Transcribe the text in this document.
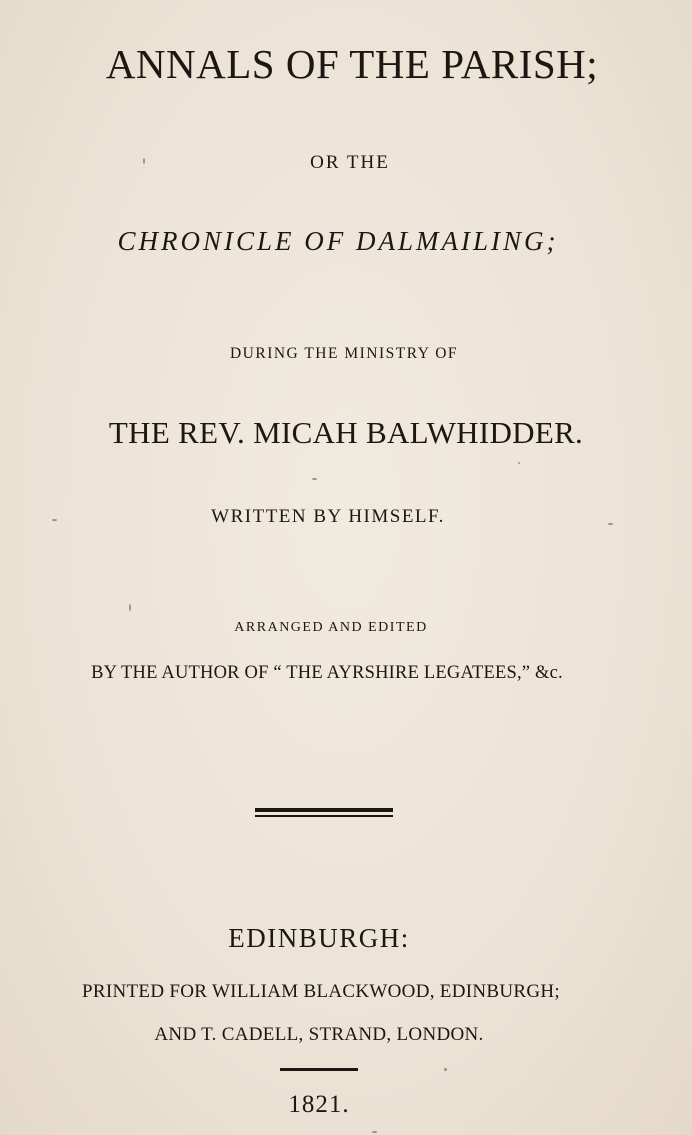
ANNALS OF THE PARISH;
OR THE
CHRONICLE OF DALMAILING;
DURING THE MINISTRY OF
THE REV. MICAH BALWHIDDER.
WRITTEN BY HIMSELF.
ARRANGED AND EDITED
BY THE AUTHOR OF “ THE AYRSHIRE LEGATEES,” &c.
EDINBURGH:
PRINTED FOR WILLIAM BLACKWOOD, EDINBURGH;
AND T. CADELL, STRAND, LONDON.
1821.
